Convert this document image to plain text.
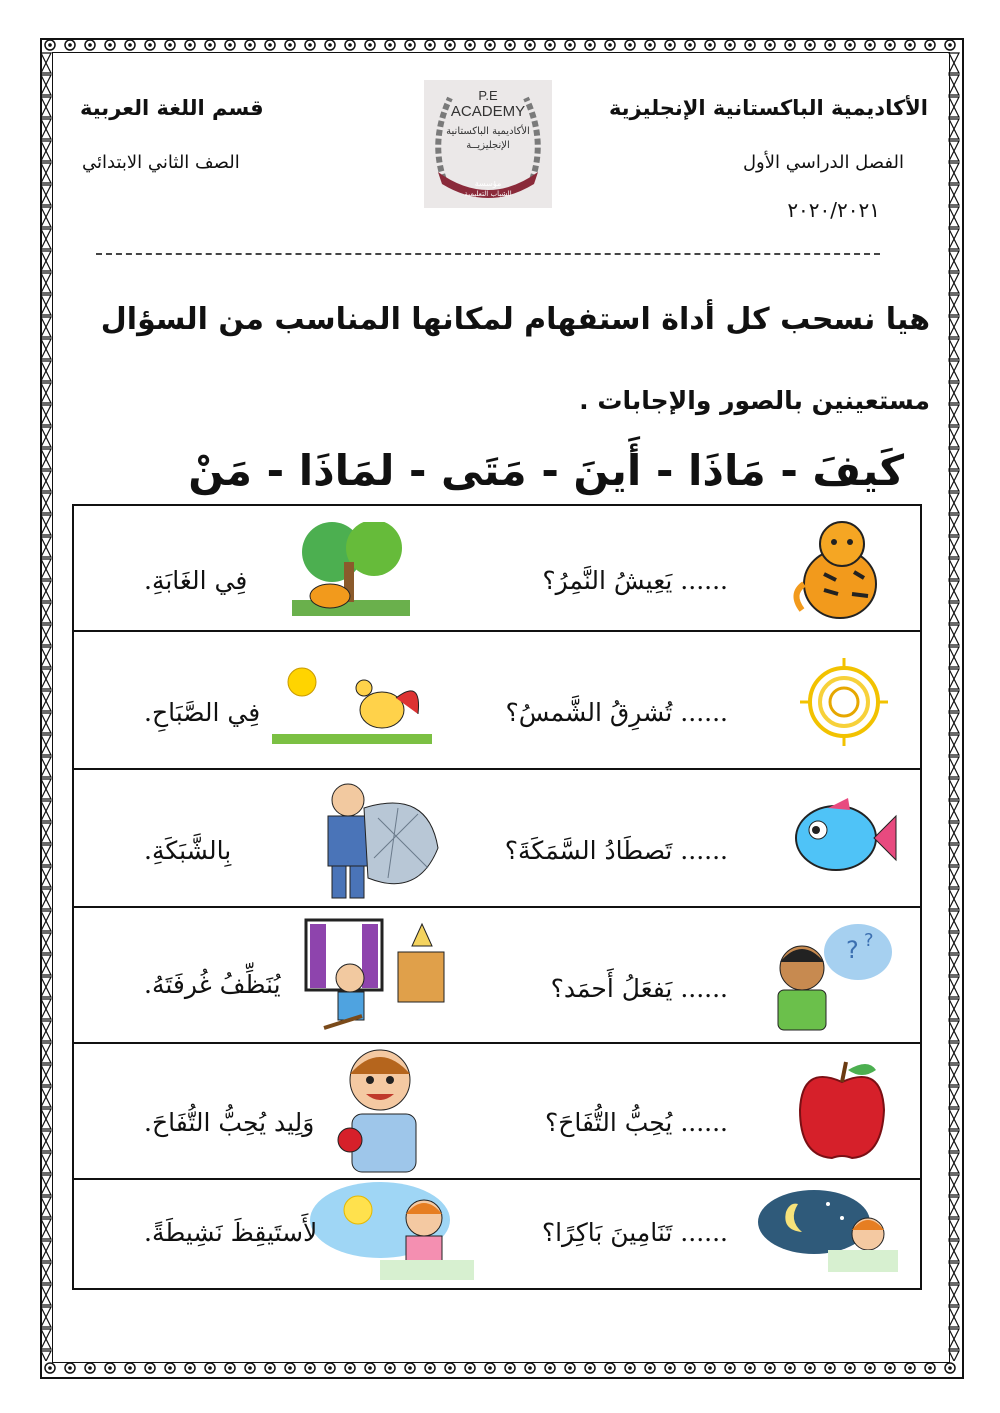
الأكاديمية الباكستانية الإنجليزية
قسم اللغة العربية
الفصل الدراسي الأول
الصف الثاني الابتدائي
٢٠٢٠/٢٠٢١
P.E
ACADEMY
الأكاديمية الباكستانية
الإنجليزيــة
مؤسسة
الشباب التعليمية
هيا نسحب كل أداة استفهام لمكانها المناسب من السؤال
مستعينين بالصور والإجابات .
كَيفَ - مَاذَا - أَينَ - مَتَى - لمَاذَا - مَنْ
...... يَعِيشُ النَّمِرُ؟
فِي الغَابَةِ.
...... تُشرِقُ الشَّمسُ؟
فِي الصَّبَاحِ.
...... تَصطَادُ السَّمَكَةَ؟
بِالشَّبَكَةِ.
? ?
...... يَفعَلُ أَحمَد؟
يُنَظِّفُ غُرفَتَهُ.
...... يُحِبُّ التُّفَاحَ؟
وَلِيد يُحِبُّ التُّفَاحَ.
...... تَنَامِينَ بَاكِرًا؟
لأَستَيقِظَ نَشِيطَةً.
